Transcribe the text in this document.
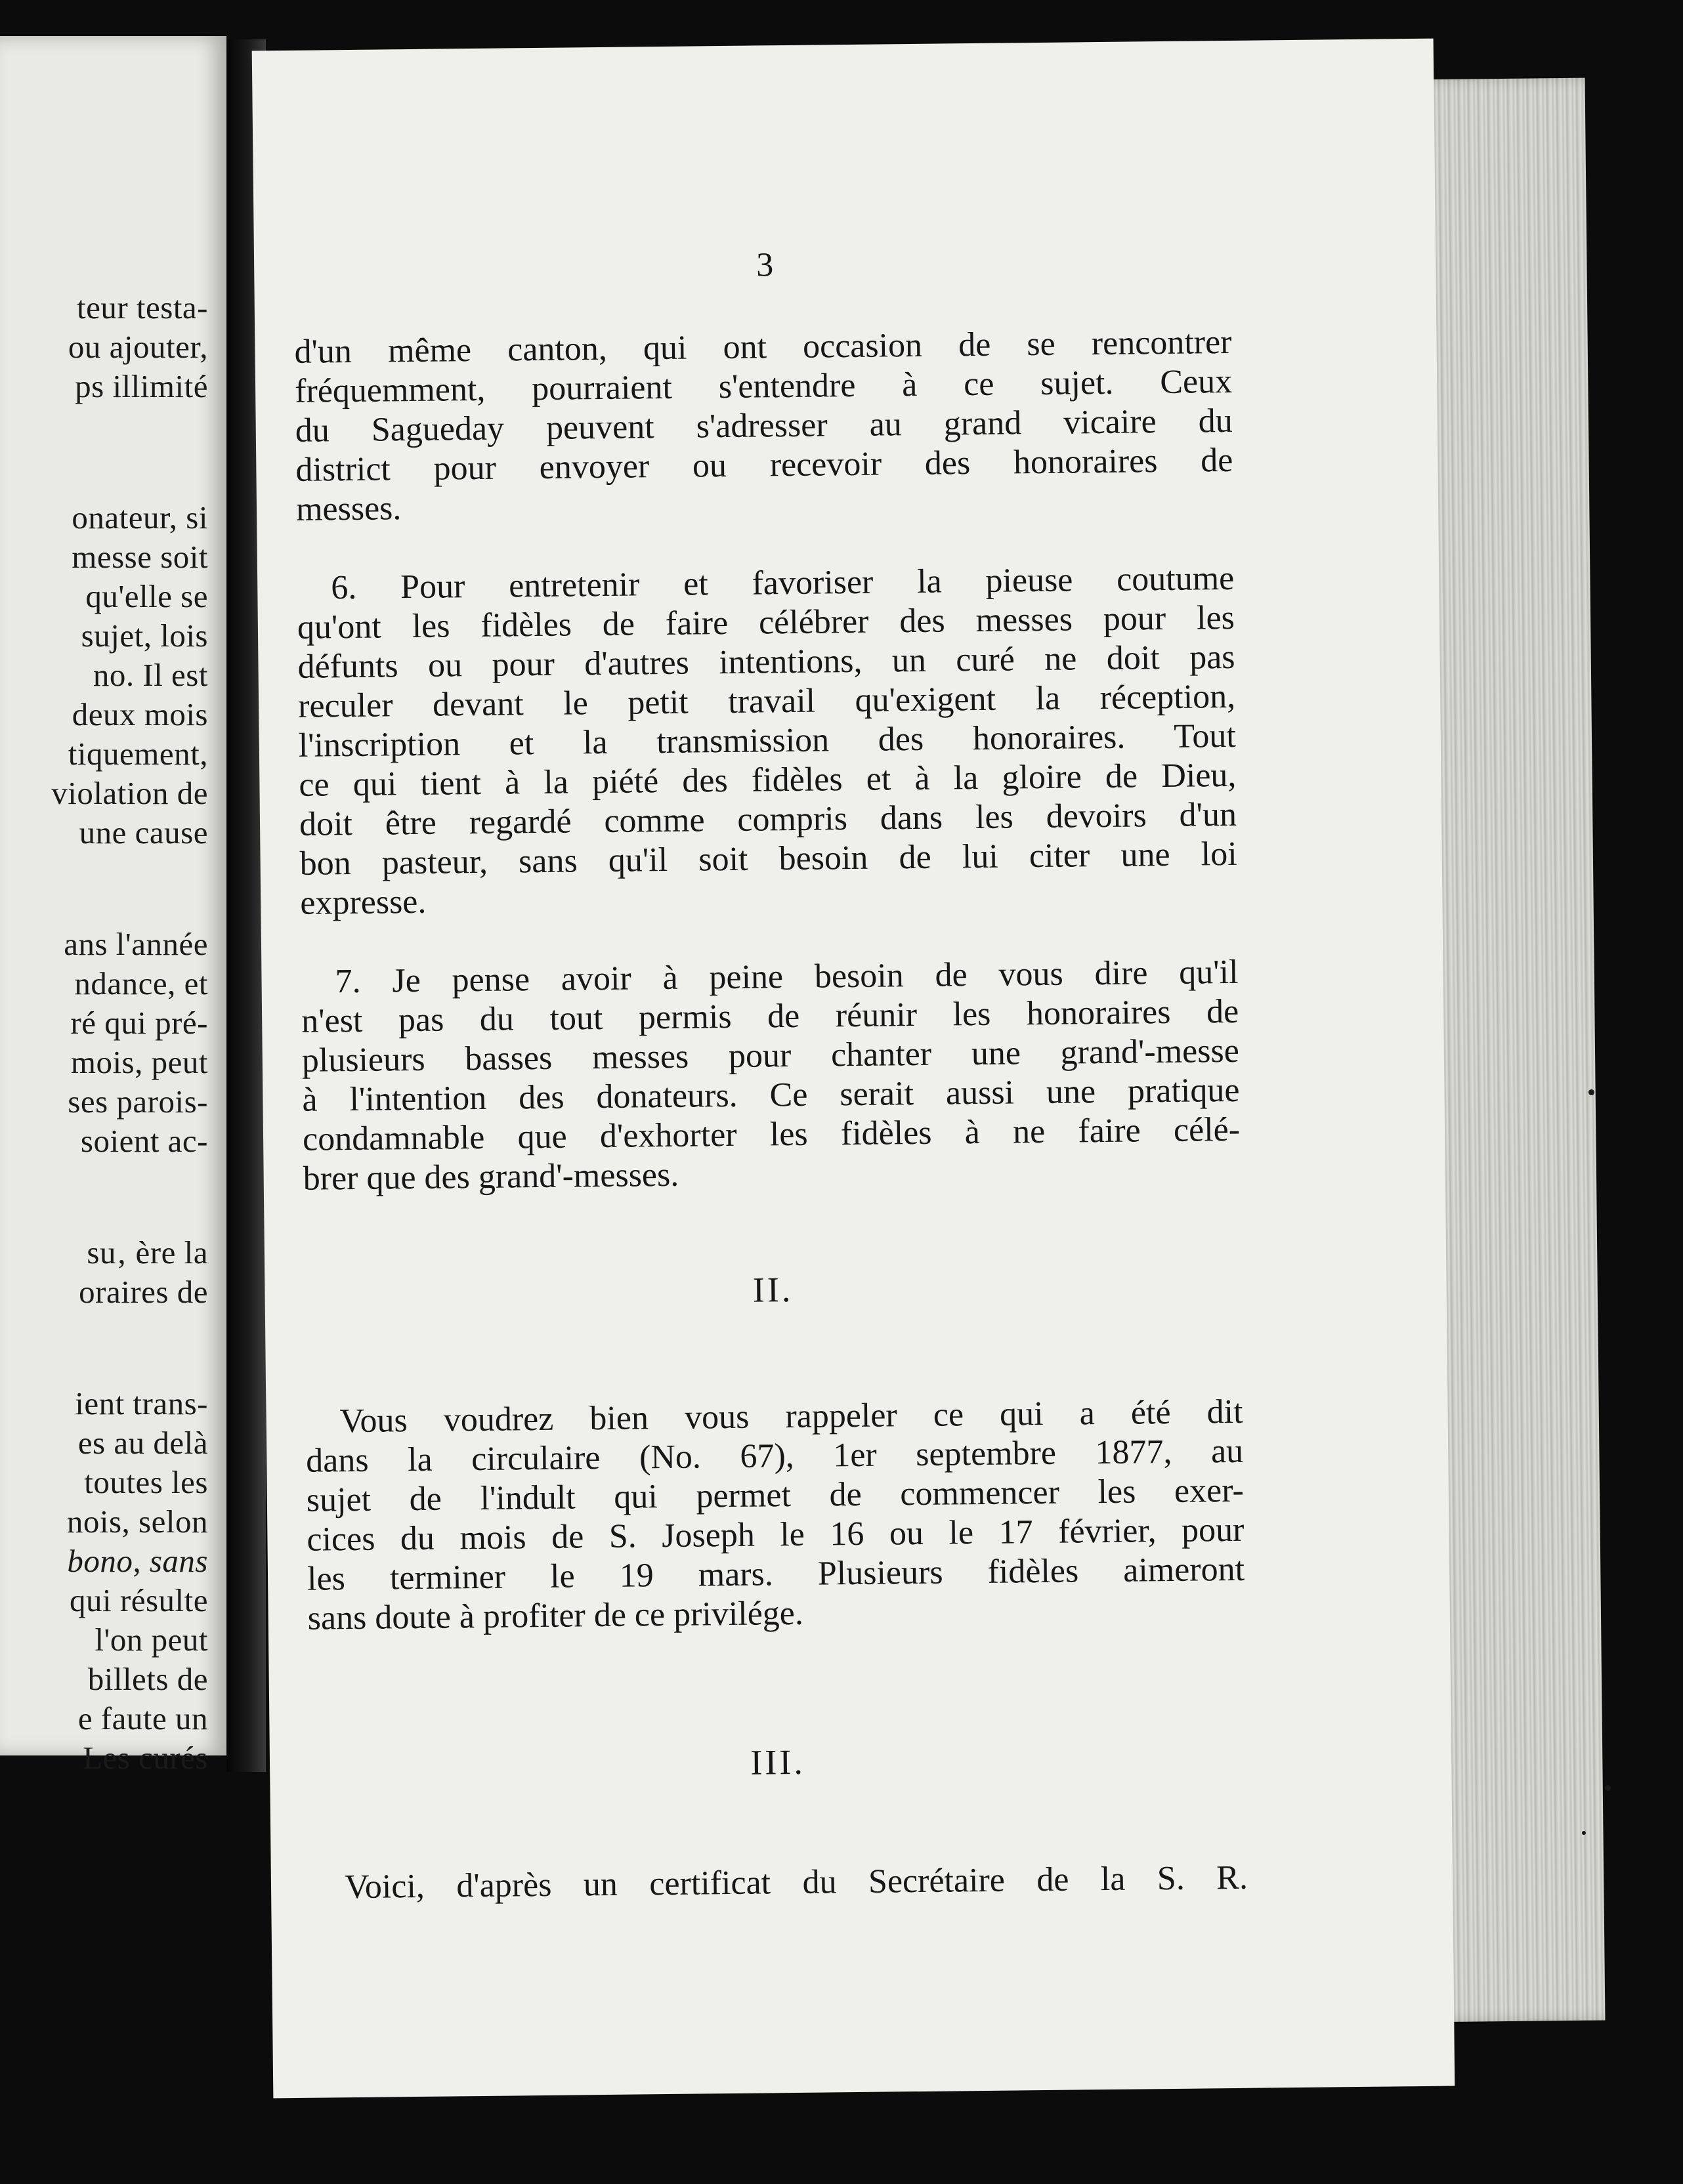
teur testa-
ou ajouter,
ps illimité
onateur, si
messe soit
qu'elle se
sujet, lois
no. Il est
deux mois
tiquement,
violation de
une cause
ans l'année
ndance, et
ré qui pré-
mois, peut
ses parois-
soient ac-
su‚ ère la
oraires de
ient trans-
es au delà
toutes les
nois, selon
bono, sans
qui résulte
l'on peut
billets de
e faute un
Les curés
3
d'un même canton, qui ont occasion de se rencontrer
fréquemment, pourraient s'entendre à ce sujet. Ceux
du Sagueday peuvent s'adresser au grand vicaire du
district pour envoyer ou recevoir des honoraires de
messes.
6. Pour entretenir et favoriser la pieuse coutume
qu'ont les fidèles de faire célébrer des messes pour les
défunts ou pour d'autres intentions, un curé ne doit pas
reculer devant le petit travail qu'exigent la réception,
l'inscription et la transmission des honoraires. Tout
ce qui tient à la piété des fidèles et à la gloire de Dieu,
doit être regardé comme compris dans les devoirs d'un
bon pasteur, sans qu'il soit besoin de lui citer une loi
expresse.
7. Je pense avoir à peine besoin de vous dire qu'il
n'est pas du tout permis de réunir les honoraires de
plusieurs basses messes pour chanter une grand'-messe
à l'intention des donateurs. Ce serait aussi une pratique
condamnable que d'exhorter les fidèles à ne faire célé-
brer que des grand'-messes.
II.
Vous voudrez bien vous rappeler ce qui a été dit
dans la circulaire (No. 67), 1er septembre 1877, au
sujet de l'indult qui permet de commencer les exer-
cices du mois de S. Joseph le 16 ou le 17 février, pour
les terminer le 19 mars. Plusieurs fidèles aimeront
sans doute à profiter de ce privilége.
III.
Voici, d'après un certificat du Secrétaire de la S. R.
